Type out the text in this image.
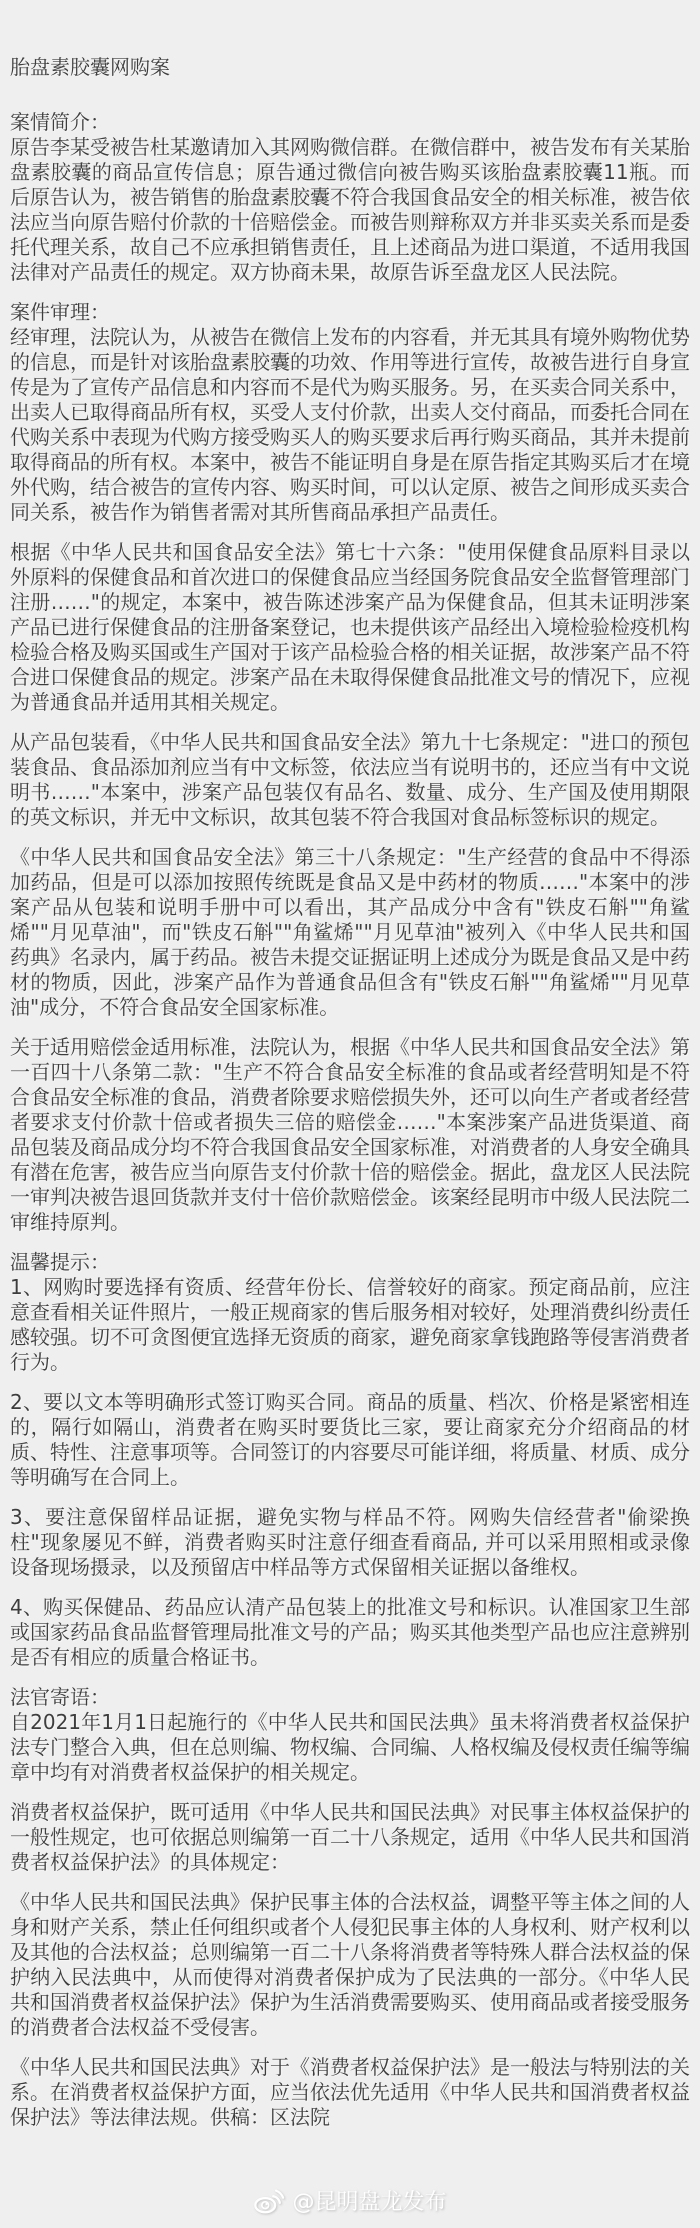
胎盘素胶囊网购案
案情简介：
原告李某受被告杜某邀请加入其网购微信群。在微信群中，被告发布有关某胎盘素胶囊的商品宣传信息；原告通过微信向被告购买该胎盘素胶囊11瓶。而后原告认为，被告销售的胎盘素胶囊不符合我国食品安全的相关标准，被告依法应当向原告赔付价款的十倍赔偿金。而被告则辩称双方并非买卖关系而是委托代理关系，故自己不应承担销售责任，且上述商品为进口渠道，不适用我国法律对产品责任的规定。双方协商未果，故原告诉至盘龙区人民法院。
案件审理：
经审理，法院认为，从被告在微信上发布的内容看，并无其具有境外购物优势的信息，而是针对该胎盘素胶囊的功效、作用等进行宣传，故被告进行自身宣传是为了宣传产品信息和内容而不是代为购买服务。另，在买卖合同关系中，出卖人已取得商品所有权，买受人支付价款，出卖人交付商品，而委托合同在代购关系中表现为代购方接受购买人的购买要求后再行购买商品，其并未提前取得商品的所有权。本案中，被告不能证明自身是在原告指定其购买后才在境外代购，结合被告的宣传内容、购买时间，可以认定原、被告之间形成买卖合同关系，被告作为销售者需对其所售商品承担产品责任。
根据《中华人民共和国食品安全法》第七十六条："使用保健食品原料目录以外原料的保健食品和首次进口的保健食品应当经国务院食品安全监督管理部门注册……"的规定，本案中，被告陈述涉案产品为保健食品，但其未证明涉案产品已进行保健食品的注册备案登记，也未提供该产品经出入境检验检疫机构检验合格及购买国或生产国对于该产品检验合格的相关证据，故涉案产品不符合进口保健食品的规定。涉案产品在未取得保健食品批准文号的情况下，应视为普通食品并适用其相关规定。
从产品包装看，《中华人民共和国食品安全法》第九十七条规定："进口的预包装食品、食品添加剂应当有中文标签，依法应当有说明书的，还应当有中文说明书……"本案中，涉案产品包装仅有品名、数量、成分、生产国及使用期限的英文标识，并无中文标识，故其包装不符合我国对食品标签标识的规定。
《中华人民共和国食品安全法》第三十八条规定："生产经营的食品中不得添加药品，但是可以添加按照传统既是食品又是中药材的物质……"本案中的涉案产品从包装和说明手册中可以看出，其产品成分中含有"铁皮石斛""角鲨烯""月见草油"，而"铁皮石斛""角鲨烯""月见草油"被列入《中华人民共和国药典》名录内，属于药品。被告未提交证据证明上述成分为既是食品又是中药材的物质，因此，涉案产品作为普通食品但含有"铁皮石斛""角鲨烯""月见草油"成分，不符合食品安全国家标准。
关于适用赔偿金适用标准，法院认为，根据《中华人民共和国食品安全法》第一百四十八条第二款："生产不符合食品安全标准的食品或者经营明知是不符合食品安全标准的食品，消费者除要求赔偿损失外，还可以向生产者或者经营者要求支付价款十倍或者损失三倍的赔偿金……"本案涉案产品进货渠道、商品包装及商品成分均不符合我国食品安全国家标准，对消费者的人身安全确具有潜在危害，被告应当向原告支付价款十倍的赔偿金。据此，盘龙区人民法院一审判决被告退回货款并支付十倍价款赔偿金。该案经昆明市中级人民法院二审维持原判。
温馨提示：
1、网购时要选择有资质、经营年份长、信誉较好的商家。预定商品前，应注意查看相关证件照片，一般正规商家的售后服务相对较好，处理消费纠纷责任感较强。切不可贪图便宜选择无资质的商家，避免商家拿钱跑路等侵害消费者行为。
2、要以文本等明确形式签订购买合同。商品的质量、档次、价格是紧密相连的，隔行如隔山，消费者在购买时要货比三家，要让商家充分介绍商品的材质、特性、注意事项等。合同签订的内容要尽可能详细，将质量、材质、成分等明确写在合同上。
3、要注意保留样品证据，避免实物与样品不符。网购失信经营者"偷梁换柱"现象屡见不鲜，消费者购买时注意仔细查看商品, 并可以采用照相或录像设备现场摄录，以及预留店中样品等方式保留相关证据以备维权。
4、购买保健品、药品应认清产品包装上的批准文号和标识。认准国家卫生部或国家药品食品监督管理局批准文号的产品；购买其他类型产品也应注意辨别是否有相应的质量合格证书。
法官寄语：
自2021年1月1日起施行的《中华人民共和国民法典》虽未将消费者权益保护法专门整合入典，但在总则编、物权编、合同编、人格权编及侵权责任编等编章中均有对消费者权益保护的相关规定。
消费者权益保护，既可适用《中华人民共和国民法典》对民事主体权益保护的一般性规定，也可依据总则编第一百二十八条规定，适用《中华人民共和国消费者权益保护法》的具体规定：
《中华人民共和国民法典》保护民事主体的合法权益，调整平等主体之间的人身和财产关系，禁止任何组织或者个人侵犯民事主体的人身权利、财产权利以及其他的合法权益；总则编第一百二十八条将消费者等特殊人群合法权益的保护纳入民法典中，从而使得对消费者保护成为了民法典的一部分。《中华人民共和国消费者权益保护法》保护为生活消费需要购买、使用商品或者接受服务的消费者合法权益不受侵害。
《中华人民共和国民法典》对于《消费者权益保护法》是一般法与特别法的关系。在消费者权益保护方面，应当依法优先适用《中华人民共和国消费者权益保护法》等法律法规。供稿：区法院
@昆明盘龙发布
